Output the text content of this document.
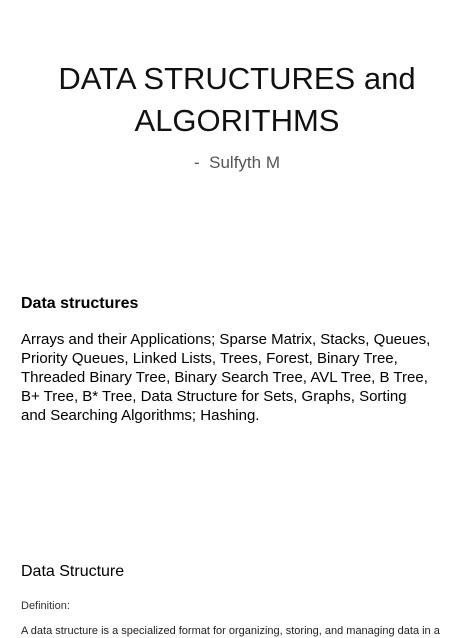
DATA STRUCTURES and
ALGORITHMS
-  Sulfyth M
Data structures
Arrays and their Applications; Sparse Matrix, Stacks, Queues,
Priority Queues, Linked Lists, Trees, Forest, Binary Tree,
Threaded Binary Tree, Binary Search Tree, AVL Tree, B Tree,
B+ Tree, B* Tree, Data Structure for Sets, Graphs, Sorting
and Searching Algorithms; Hashing.
Data Structure
Definition:
A data structure is a specialized format for organizing, storing, and managing data in a
